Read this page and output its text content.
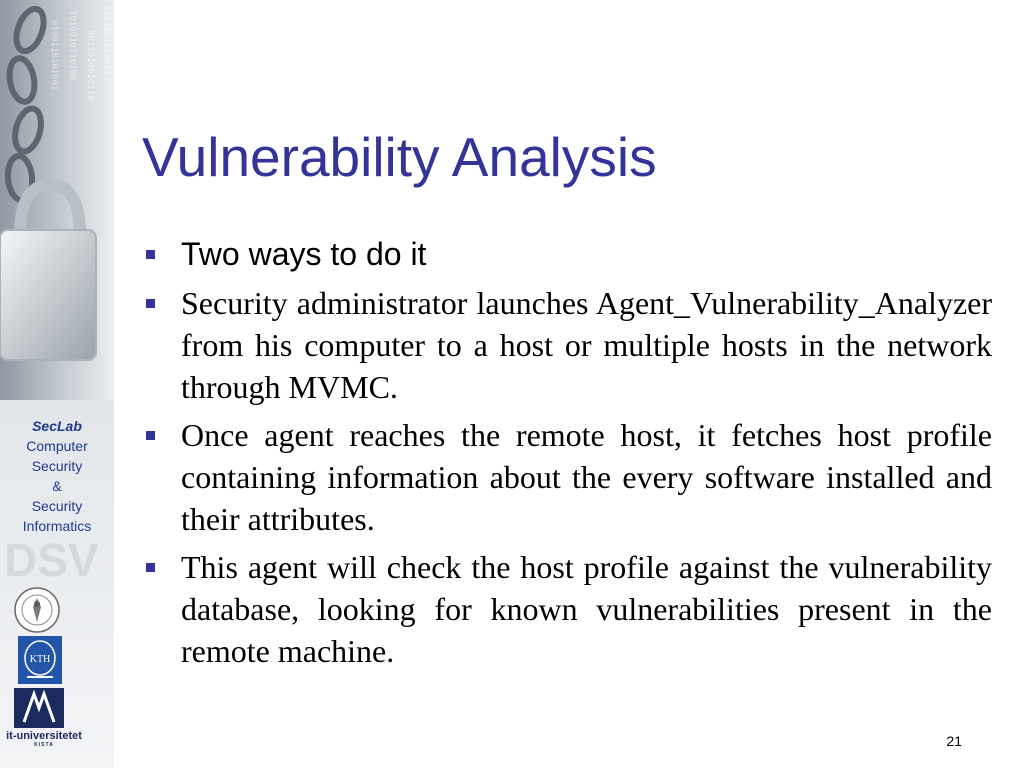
0100110101001 1010010110100 0011010010110 1101001010011
SecLab
Computer
Security
&
Security
Informatics
DSV
KTH
it-universitetet
KISTA
Vulnerability Analysis
Two ways to do it
Security administrator launches Agent_Vulnerability_Analyzer from his computer to a host or multiple hosts in the network through MVMC.
Once agent reaches the remote host, it fetches host profile containing information about the every software installed and their attributes.
This agent will check the host profile against the vulnerability database, looking for known vulnerabilities present in the remote machine.
21
